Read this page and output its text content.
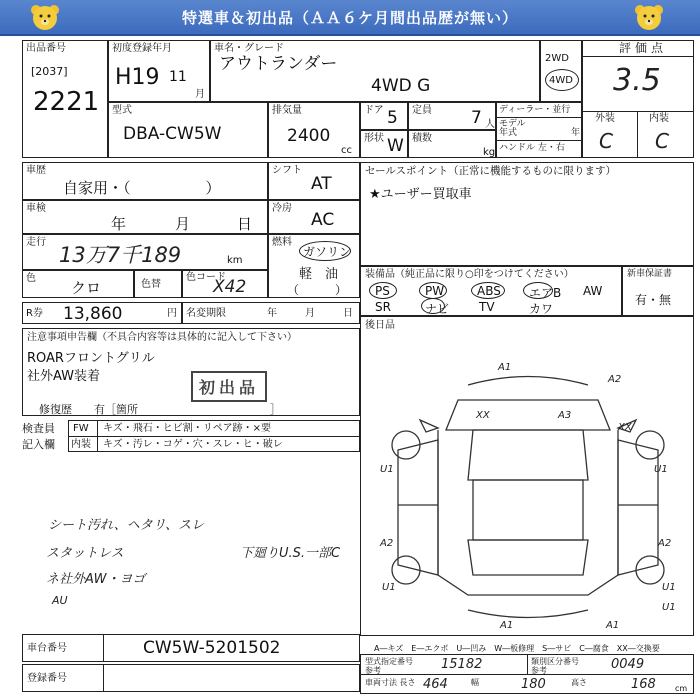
特選車＆初出品（ＡＡ６ケ月間出品歴が無い）
出品番号
[2037]
2221
初度登録年月
H19 11
月
車名・グレード
アウトランダー
4WD G
2WD
4WD
評価点
3.5
外装	内装
C C
型式
DBA-CW5W
排気量
2400
cc
ドア 5 定員 7 人
形状 W 積数
kg
ディーラー・並行
モデル
年式	年
ハンドル 左・右
車歴
自家用・（　　　　　）
シフト
AT
車検
年	月	日
冷房
AC
走行
13万7千189	km
燃料
ガソリン
軽　油
（　　　）
色
クロ	色替
色コード
X42
R券 13,860	円 名変期限	年	月	日
注意事項申告欄（不具合内容等は具体的に記入して下さい）
ROARフロントグリル
社外AW装着
初出品
修復歴　　有［箇所　　　　　　　　　　　　］
検査員
記入欄
FW キズ・飛石・ヒビ割・リペア跡・×要
内装 キズ・汚レ・コゲ・穴・スレ・ヒ・破レ
シート汚れ、ヘタリ、スレ
スタットレス
ネ社外AW・ヨゴ
AU
下廻りU.S.一部C
セールスポイント（正常に機能するものに限ります）
★ユーザー買取車
装備品（純正品に限り○印をつけてください）
PS	PW	ABS エアB AW
SR	ナビ TV	カワ
新車保証書
有・無
後日品
A1
A2
A3
XX
XX
U1	U1
A2	A2
U1	U1
A1	A1
U1
A―キズ　E―エクボ　U―凹み　W―板修理　S―サビ　C―腐食　XX―交換要
車台番号	CW5W-5201502
登録番号
型式指定番号
参考	15182	類別区分番号
参考	0049
車両寸法 長さ 464	幅	180	高さ	168 cm
